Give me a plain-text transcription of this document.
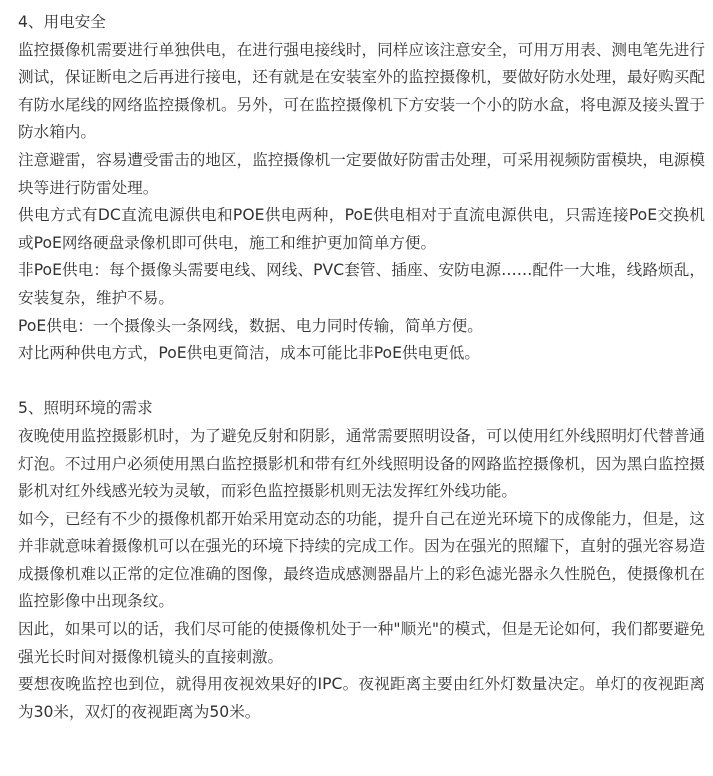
4、用电安全

监控摄像机需要进行单独供电，在进行强电接线时，同样应该注意安全，可用万用表、测电笔先进行测试，保证断电之后再进行接电，还有就是在安装室外的监控摄像机，要做好防水处理，最好购买配有防水尾线的网络监控摄像机。另外，可在监控摄像机下方安装一个小的防水盒，将电源及接头置于防水箱内。

注意避雷，容易遭受雷击的地区，监控摄像机一定要做好防雷击处理，可采用视频防雷模块，电源模块等进行防雷处理。

供电方式有DC直流电源供电和POE供电两种，PoE供电相对于直流电源供电，只需连接PoE交换机或PoE网络硬盘录像机即可供电，施工和维护更加简单方便。

非PoE供电：每个摄像头需要电线、网线、PVC套管、插座、安防电源……配件一大堆，线路烦乱，安装复杂，维护不易。

PoE供电：一个摄像头一条网线，数据、电力同时传输，简单方便。

对比两种供电方式，PoE供电更简洁，成本可能比非PoE供电更低。

5、照明环境的需求

夜晚使用监控摄影机时，为了避免反射和阴影，通常需要照明设备，可以使用红外线照明灯代替普通灯泡。不过用户必须使用黑白监控摄影机和带有红外线照明设备的网路监控摄像机，因为黑白监控摄影机对红外线感光较为灵敏，而彩色监控摄影机则无法发挥红外线功能。

如今，已经有不少的摄像机都开始采用宽动态的功能，提升自己在逆光环境下的成像能力，但是，这并非就意味着摄像机可以在强光的环境下持续的完成工作。因为在强光的照耀下，直射的强光容易造成摄像机难以正常的定位准确的图像，最终造成感测器晶片上的彩色滤光器永久性脱色，使摄像机在监控影像中出现条纹。

因此，如果可以的话，我们尽可能的使摄像机处于一种"顺光"的模式，但是无论如何，我们都要避免强光长时间对摄像机镜头的直接刺激。

要想夜晚监控也到位，就得用夜视效果好的IPC。夜视距离主要由红外灯数量决定。单灯的夜视距离为30米，双灯的夜视距离为50米。
